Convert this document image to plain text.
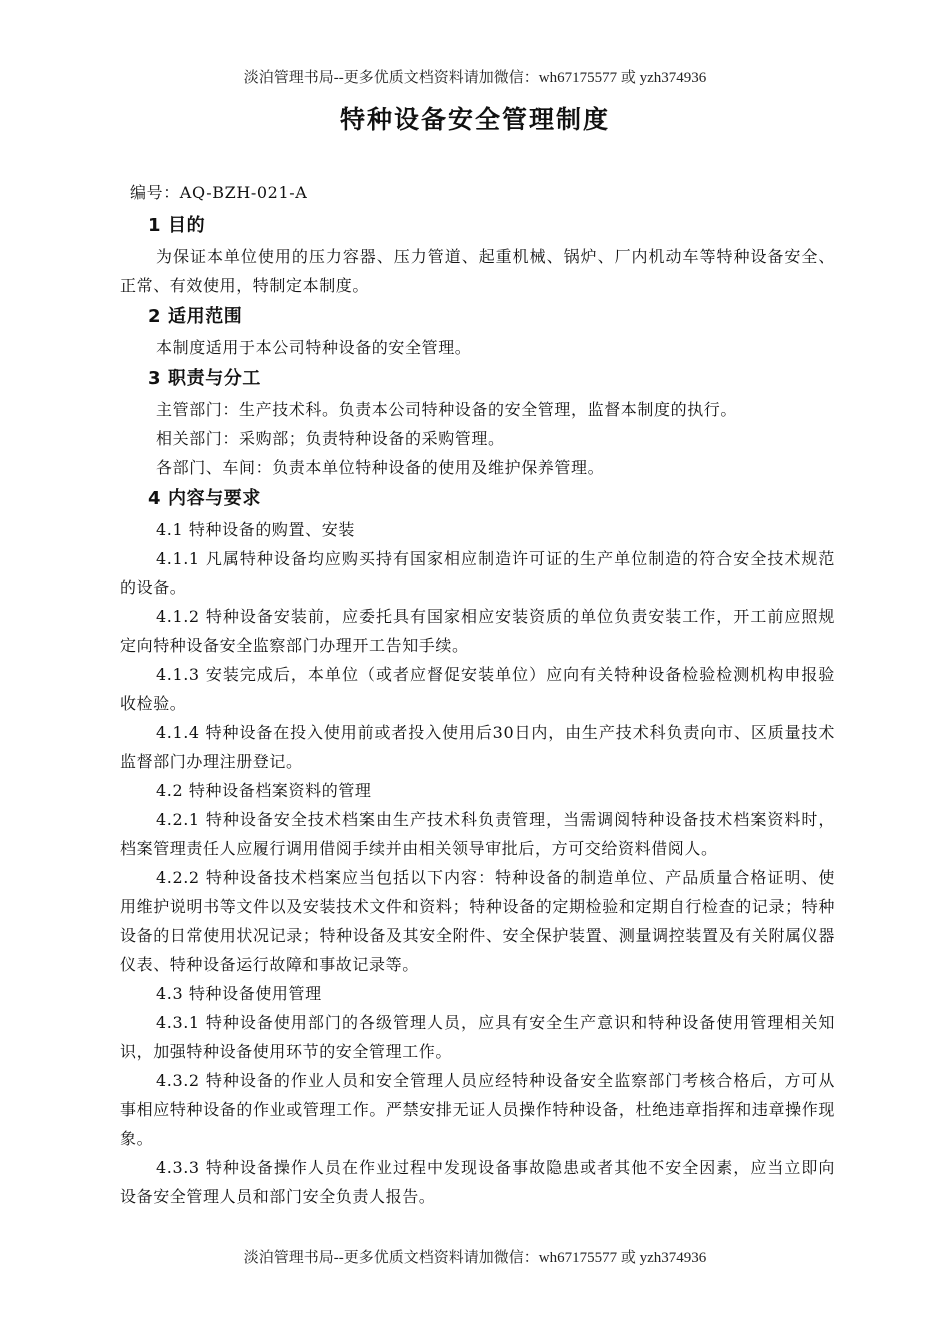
淡泊管理书局--更多优质文档资料请加微信：wh67175577 或 yzh374936
特种设备安全管理制度

编号：AQ-BZH-021-A

1 目的

为保证本单位使用的压力容器、压力管道、起重机械、锅炉、厂内机动车等特种设备安全、正常、有效使用，特制定本制度。

2 适用范围

本制度适用于本公司特种设备的安全管理。

3 职责与分工

主管部门：生产技术科。负责本公司特种设备的安全管理，监督本制度的执行。

相关部门：采购部；负责特种设备的采购管理。

各部门、车间：负责本单位特种设备的使用及维护保养管理。

4 内容与要求

4.1 特种设备的购置、安装

4.1.1 凡属特种设备均应购买持有国家相应制造许可证的生产单位制造的符合安全技术规范的设备。

4.1.2 特种设备安装前，应委托具有国家相应安装资质的单位负责安装工作，开工前应照规定向特种设备安全监察部门办理开工告知手续。

4.1.3 安装完成后，本单位（或者应督促安装单位）应向有关特种设备检验检测机构申报验收检验。

4.1.4 特种设备在投入使用前或者投入使用后30日内，由生产技术科负责向市、区质量技术监督部门办理注册登记。

4.2 特种设备档案资料的管理

4.2.1 特种设备安全技术档案由生产技术科负责管理，当需调阅特种设备技术档案资料时，档案管理责任人应履行调用借阅手续并由相关领导审批后，方可交给资料借阅人。

4.2.2 特种设备技术档案应当包括以下内容：特种设备的制造单位、产品质量合格证明、使用维护说明书等文件以及安装技术文件和资料；特种设备的定期检验和定期自行检查的记录；特种设备的日常使用状况记录；特种设备及其安全附件、安全保护装置、测量调控装置及有关附属仪器仪表、特种设备运行故障和事故记录等。

4.3 特种设备使用管理

4.3.1 特种设备使用部门的各级管理人员，应具有安全生产意识和特种设备使用管理相关知识，加强特种设备使用环节的安全管理工作。

4.3.2 特种设备的作业人员和安全管理人员应经特种设备安全监察部门考核合格后，方可从事相应特种设备的作业或管理工作。严禁安排无证人员操作特种设备，杜绝违章指挥和违章操作现象。

4.3.3 特种设备操作人员在作业过程中发现设备事故隐患或者其他不安全因素，应当立即向设备安全管理人员和部门安全负责人报告。

淡泊管理书局--更多优质文档资料请加微信：wh67175577 或 yzh374936
